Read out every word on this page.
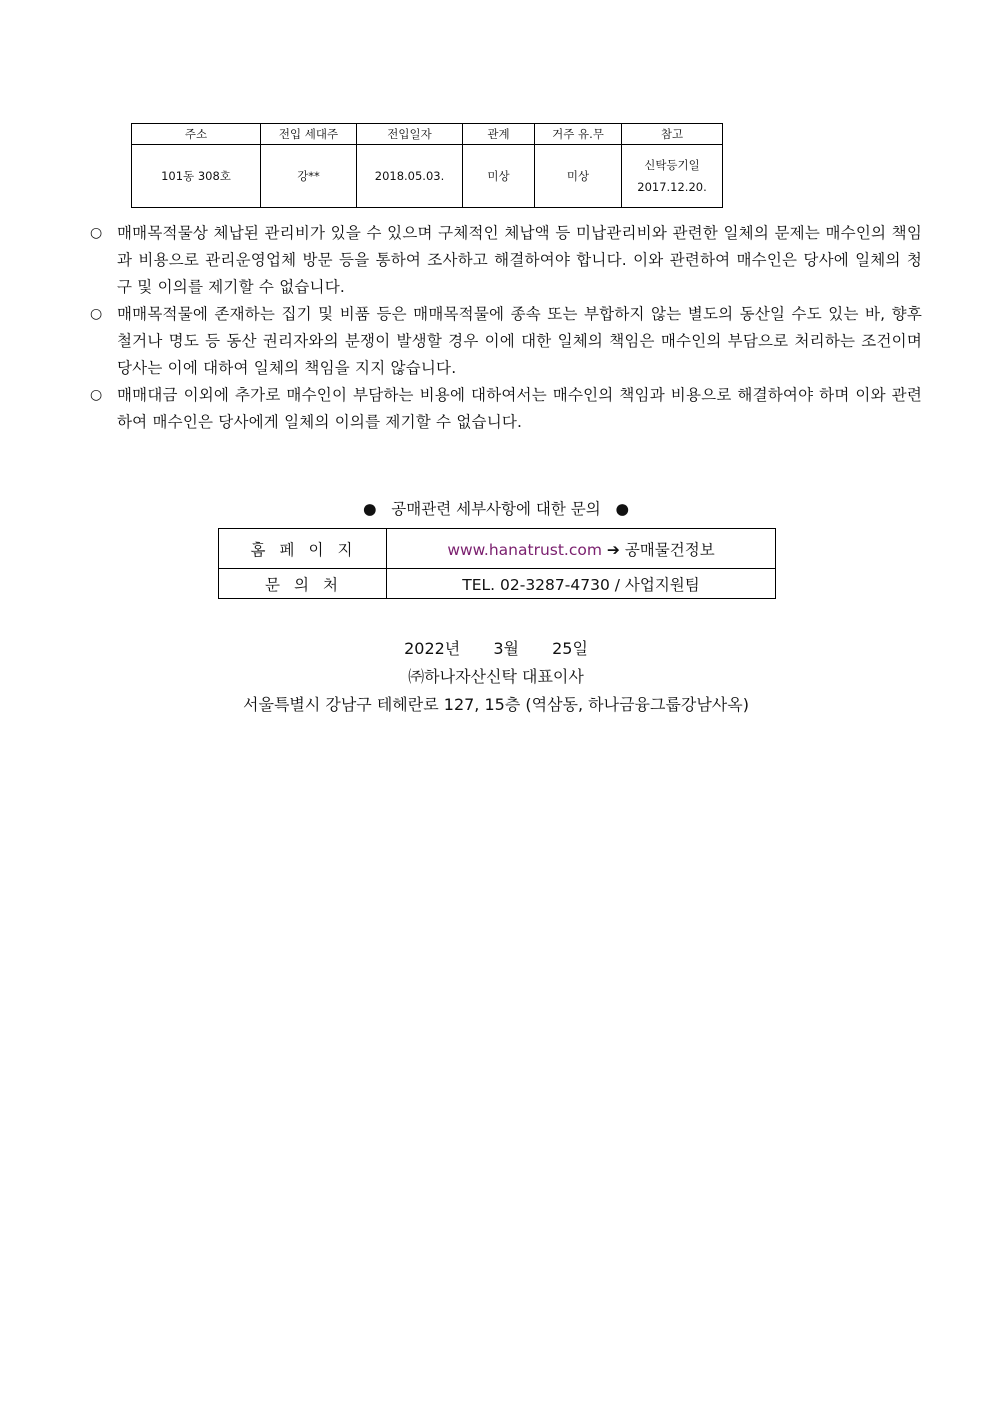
주소	전입 세대주	전입일자	관계	거주 유.무	참고
101동 308호	강**	2018.05.03.	미상	미상	신탁등기일
2017.12.20.
○ 매매목적물상 체납된 관리비가 있을 수 있으며 구체적인 체납액 등 미납관리비와 관련한 일체의 문제는 매수인의 책임과 비용으로 관리운영업체 방문 등을 통하여 조사하고 해결하여야 합니다. 이와 관련하여 매수인은 당사에 일체의 청구 및 이의를 제기할 수 없습니다.
○ 매매목적물에 존재하는 집기 및 비품 등은 매매목적물에 종속 또는 부합하지 않는 별도의 동산일 수도 있는 바, 향후 철거나 명도 등 동산 권리자와의 분쟁이 발생할 경우 이에 대한 일체의 책임은 매수인의 부담으로 처리하는 조건이며 당사는 이에 대하여 일체의 책임을 지지 않습니다.
○ 매매대금 이외에 추가로 매수인이 부담하는 비용에 대하여서는 매수인의 책임과 비용으로 해결하여야 하며 이와 관련하여 매수인은 당사에게 일체의 이의를 제기할 수 없습니다.
● 공매관련 세부사항에 대한 문의 ●
홈페이지	www.hanatrust.com ➔ 공매물건정보
문의처	TEL. 02-3287-4730 / 사업지원팀
2022년 3월 25일
㈜하나자산신탁 대표이사
서울특별시 강남구 테헤란로 127, 15층 (역삼동, 하나금융그룹강남사옥)
